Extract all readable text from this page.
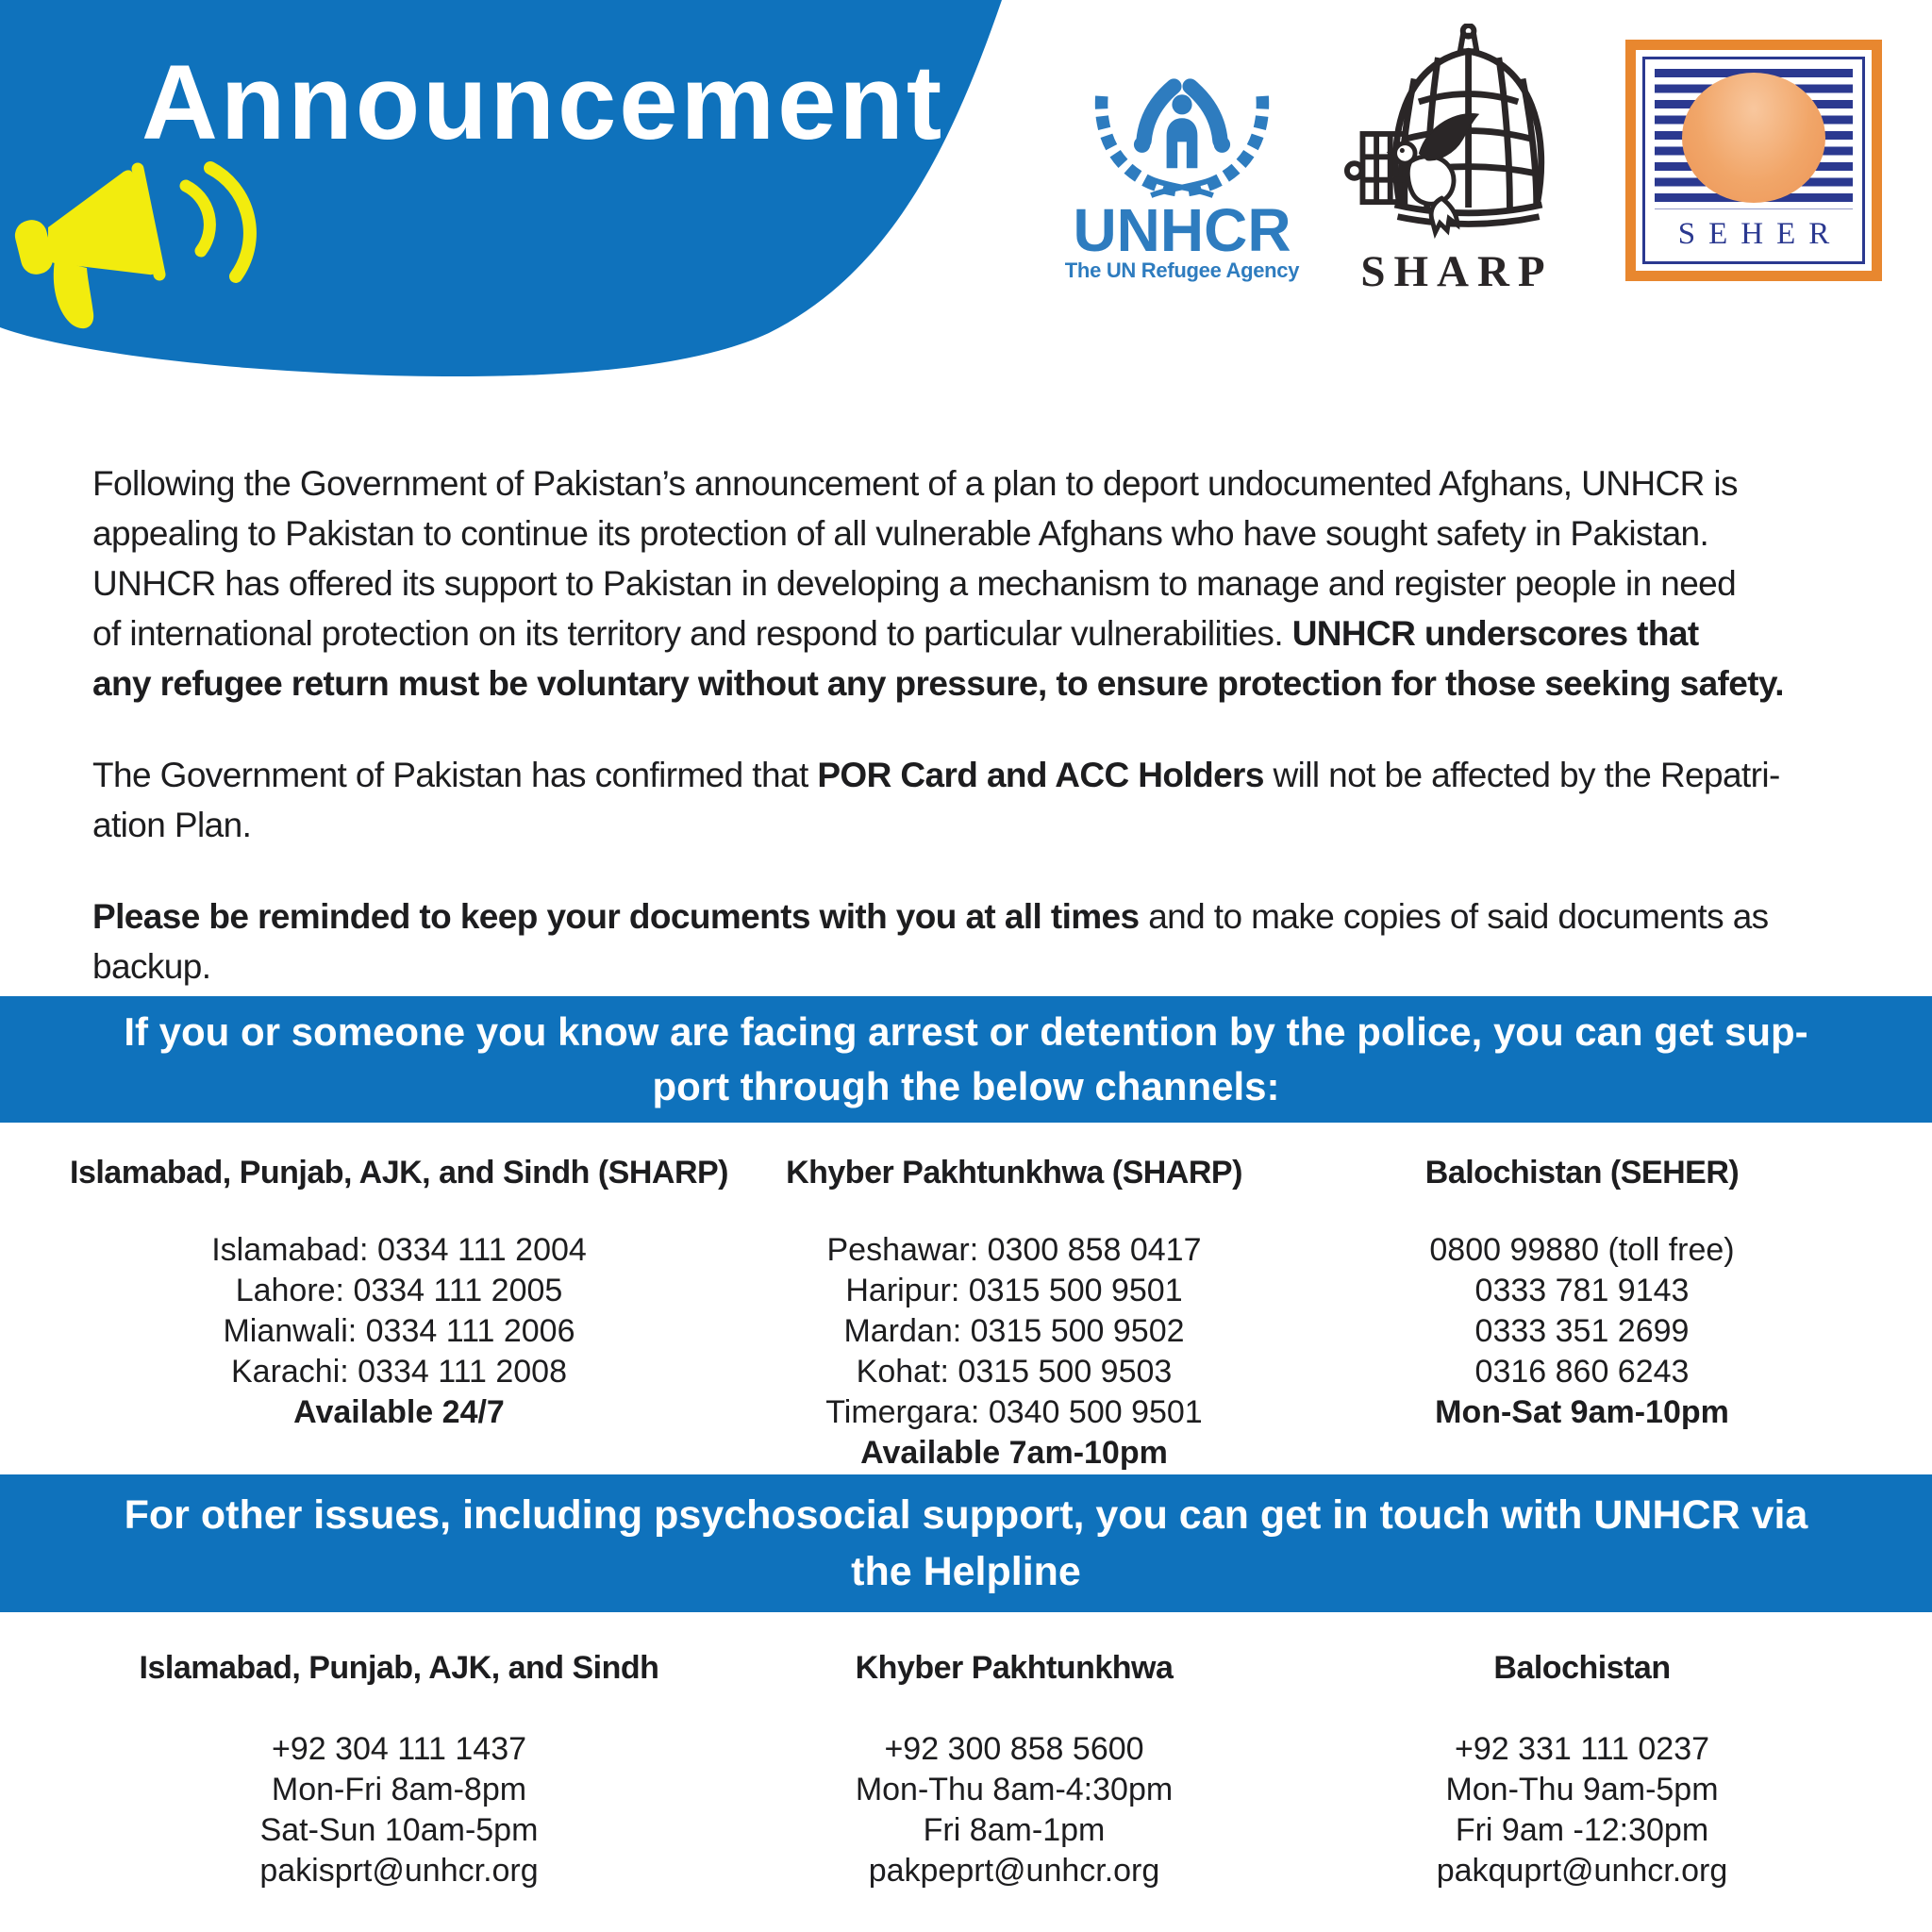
Announcement
UNHCR
The UN Refugee Agency	SHARP
SEHER
Following the Government of Pakistan’s announcement of a plan to deport undocumented Afghans, UNHCR is
appealing to Pakistan to continue its protection of all vulnerable Afghans who have sought safety in Pakistan.
UNHCR has offered its support to Pakistan in developing a mechanism to manage and register people in need
of international protection on its territory and respond to particular vulnerabilities. UNHCR underscores that
any refugee return must be voluntary without any pressure, to ensure protection for those seeking safety.
The Government of Pakistan has confirmed that POR Card and ACC Holders will not be affected by the Repatri-
ation Plan.
Please be reminded to keep your documents with you at all times and to make copies of said documents as
backup.
If you or someone you know are facing arrest or detention by the police, you can get sup-
port through the below channels:
Islamabad, Punjab, AJK, and Sindh (SHARP)
Islamabad: 0334 111 2004
Lahore: 0334 111 2005
Mianwali: 0334 111 2006
Karachi: 0334 111 2008
Available 24/7
Khyber Pakhtunkhwa (SHARP)
Peshawar: 0300 858 0417
Haripur: 0315 500 9501
Mardan: 0315 500 9502
Kohat: 0315 500 9503
Timergara: 0340 500 9501
Available 7am-10pm
Balochistan (SEHER)
0800 99880 (toll free)
0333 781 9143
0333 351 2699
0316 860 6243
Mon-Sat 9am-10pm
For other issues, including psychosocial support, you can get in touch with UNHCR via
the Helpline
Islamabad, Punjab, AJK, and Sindh
+92 304 111 1437
Mon-Fri 8am-8pm
Sat-Sun 10am-5pm
pakisprt@unhcr.org
Khyber Pakhtunkhwa
+92 300 858 5600
Mon-Thu 8am-4:30pm
Fri 8am-1pm
pakpeprt@unhcr.org
Balochistan
+92 331 111 0237
Mon-Thu 9am-5pm
Fri 9am -12:30pm
pakquprt@unhcr.org
